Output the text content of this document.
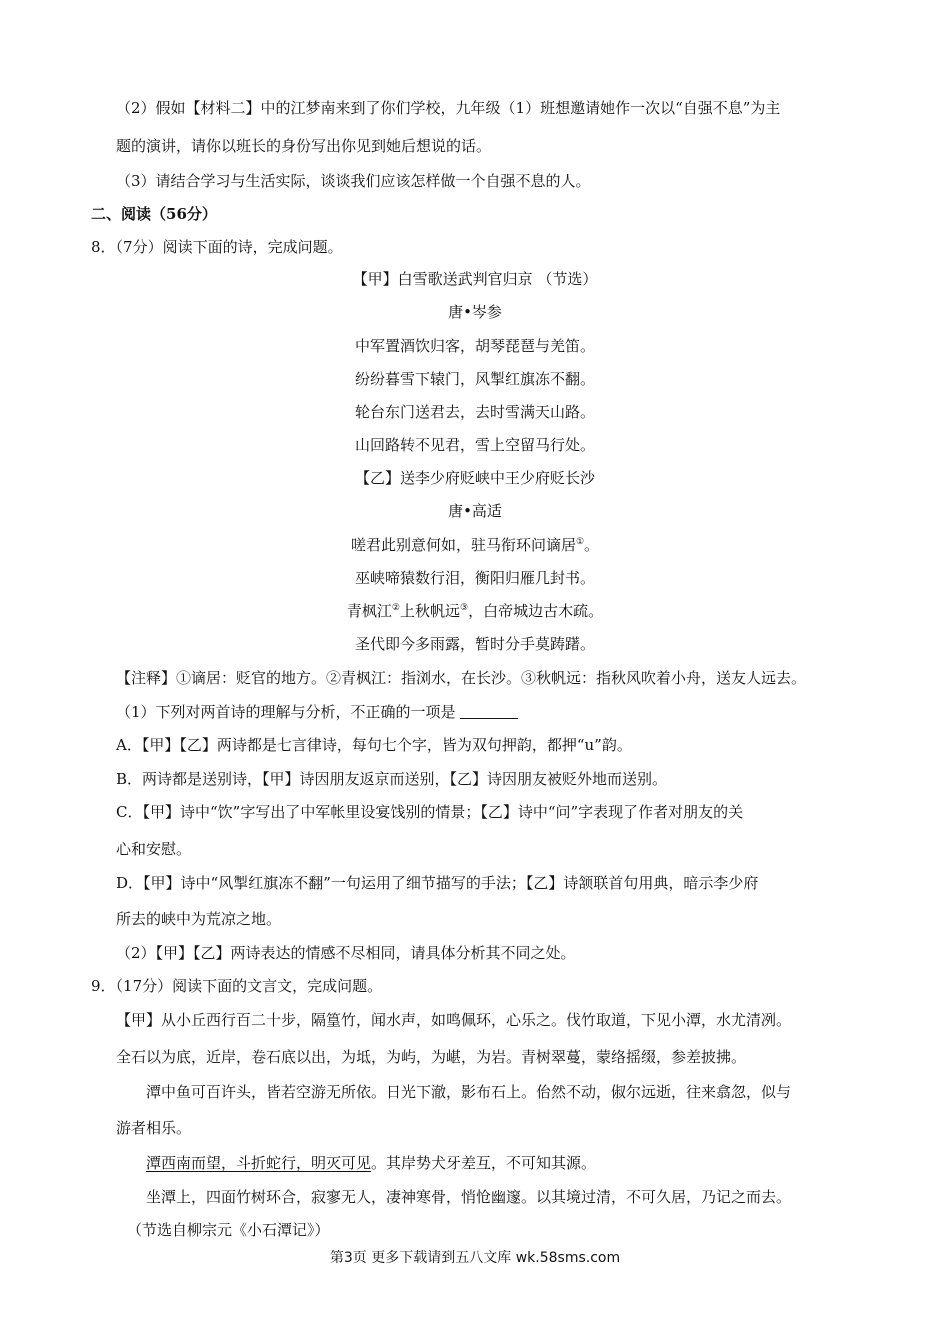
（2）假如【材料二】中的江梦南来到了你们学校，九年级（1）班想邀请她作一次以“自强不息”为主
题的演讲，请你以班长的身份写出你见到她后想说的话。
（3）请结合学习与生活实际，谈谈我们应该怎样做一个自强不息的人。
二、阅读（56分）
8．（7分）阅读下面的诗，完成问题。
【甲】白雪歌送武判官归京 （节选）
唐•岑参
中军置酒饮归客，胡琴琵琶与羌笛。
纷纷暮雪下辕门，风掣红旗冻不翻。
轮台东门送君去，去时雪满天山路。
山回路转不见君，雪上空留马行处。
【乙】送李少府贬峡中王少府贬长沙
唐•高适
嗟君此别意何如，驻马衔环问谪居①。
巫峡啼猿数行泪，衡阳归雁几封书。
青枫江②上秋帆远③，白帝城边古木疏。
圣代即今多雨露，暂时分手莫踌躇。
【注释】①谪居：贬官的地方。②青枫江：指浏水，在长沙。③秋帆远：指秋风吹着小舟，送友人远去。
（1）下列对两首诗的理解与分析，不正确的一项是
A．【甲】【乙】两诗都是七言律诗，每句七个字，皆为双句押韵，都押“u”韵。
B．两诗都是送别诗，【甲】诗因朋友返京而送别，【乙】诗因朋友被贬外地而送别。
C．【甲】诗中“饮”字写出了中军帐里设宴饯别的情景；【乙】诗中“问”字表现了作者对朋友的关
心和安慰。
D．【甲】诗中“风掣红旗冻不翻”一句运用了细节描写的手法；【乙】诗颔联首句用典，暗示李少府
所去的峡中为荒凉之地。
（2）【甲】【乙】两诗表达的情感不尽相同，请具体分析其不同之处。
9．（17分）阅读下面的文言文，完成问题。
【甲】从小丘西行百二十步，隔篁竹，闻水声，如鸣佩环，心乐之。伐竹取道，下见小潭，水尤清冽。
全石以为底，近岸，卷石底以出，为坻，为屿，为嵁，为岩。青树翠蔓，蒙络摇缀，参差披拂。
潭中鱼可百许头，皆若空游无所依。日光下澈，影布石上。佁然不动，俶尔远逝，往来翕忽，似与
游者相乐。
潭西南而望，斗折蛇行，明灭可见。其岸势犬牙差互，不可知其源。
坐潭上，四面竹树环合，寂寥无人，凄神寒骨，悄怆幽邃。以其境过清，不可久居，乃记之而去。
（节选自柳宗元《小石潭记》）
第3页 更多下载请到五八文库 wk.58sms.com
